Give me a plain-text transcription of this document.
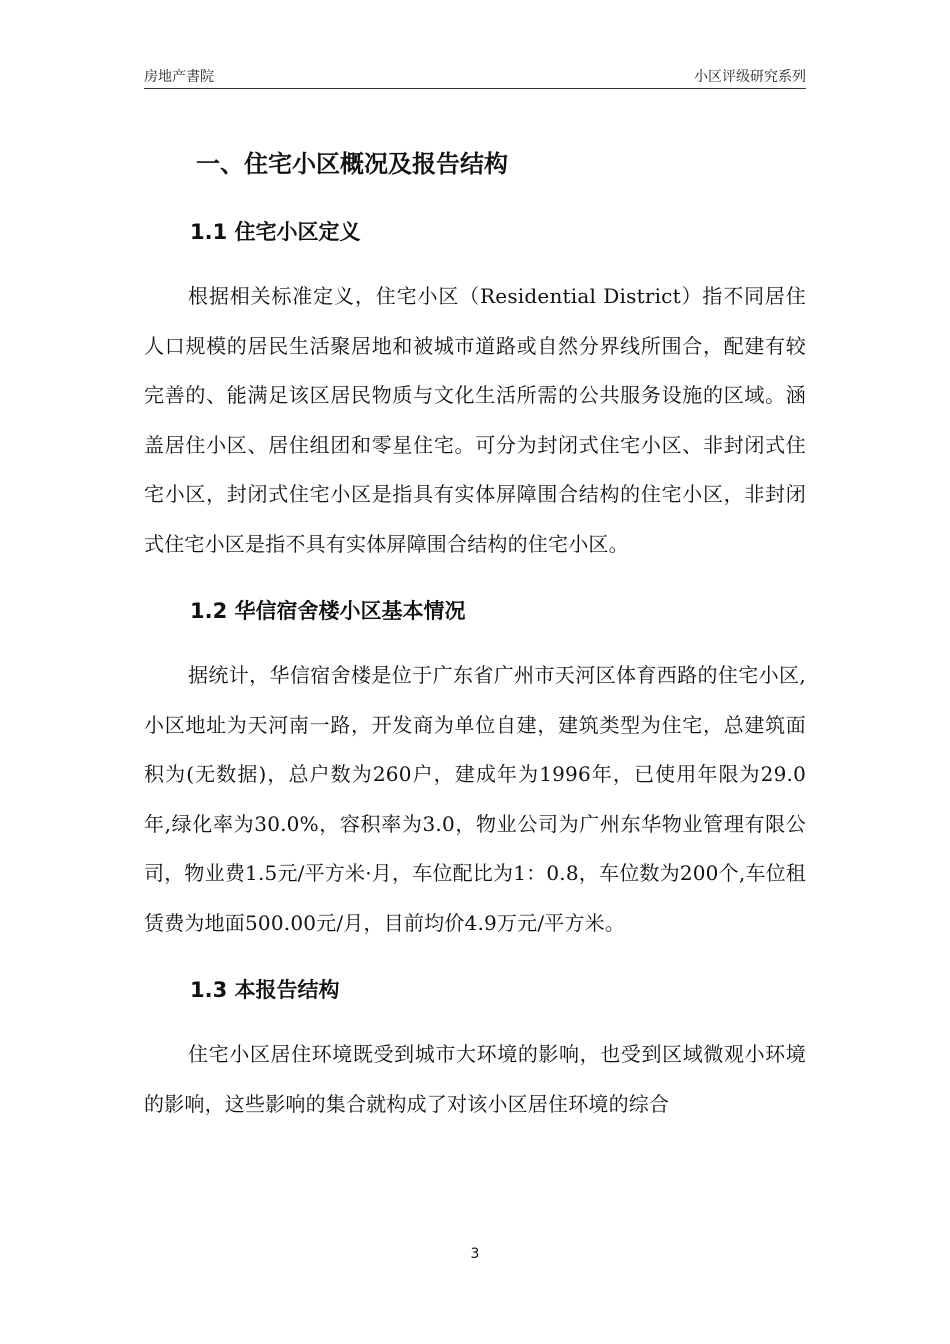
房地产書院	小区评级研究系列
一、住宅小区概况及报告结构
1.1 住宅小区定义

根据相关标准定义，住宅小区（Residential District）指不同居住人口规模的居民生活聚居地和被城市道路或自然分界线所围合，配建有较完善的、能满足该区居民物质与文化生活所需的公共服务设施的区域。涵盖居住小区、居住组团和零星住宅。可分为封闭式住宅小区、非封闭式住宅小区，封闭式住宅小区是指具有实体屏障围合结构的住宅小区，非封闭式住宅小区是指不具有实体屏障围合结构的住宅小区。

1.2 华信宿舍楼小区基本情况

据统计，华信宿舍楼是位于广东省广州市天河区体育西路的住宅小区,小区地址为天河南一路，开发商为单位自建，建筑类型为住宅，总建筑面积为(无数据)，总户数为260户，建成年为1996年，已使用年限为29.0年,绿化率为30.0%，容积率为3.0，物业公司为广州东华物业管理有限公司，物业费1.5元/平方米·月，车位配比为1：0.8，车位数为200个,车位租赁费为地面500.00元/月，目前均价4.9万元/平方米。

1.3 本报告结构

住宅小区居住环境既受到城市大环境的影响，也受到区域微观小环境的影响，这些影响的集合就构成了对该小区居住环境的综合

3
